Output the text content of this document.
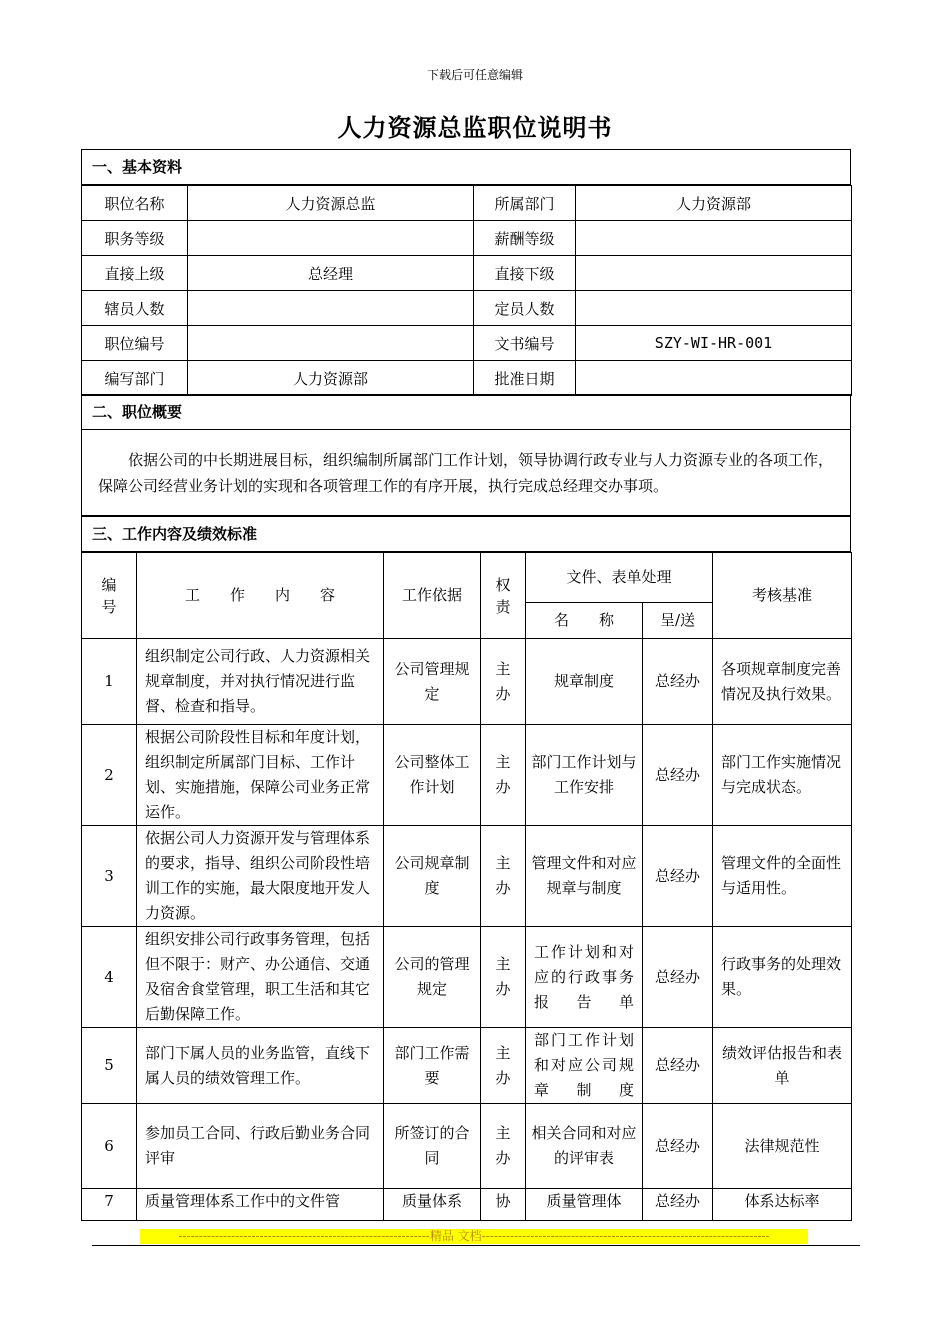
下载后可任意编辑
人力资源总监职位说明书
一、基本资料
职位名称	人力资源总监	所属部门	人力资源部
职务等级		薪酬等级	
直接上级	总经理	直接下级	
辖员人数		定员人数	
职位编号		文书编号	SZY-WI-HR-001
编写部门	人力资源部	批准日期	
二、职位概要
依据公司的中长期进展目标，组织编制所属部门工作计划，领导协调行政专业与人力资源专业的各项工作，保障公司经营业务计划的实现和各项管理工作的有序开展，执行完成总经理交办事项。
三、工作内容及绩效标准
编号	工　　作　　内　　容	工作依据	权责	文件、表单处理		考核基准
				名　　称	呈/送	
1	组织制定公司行政、人力资源相关规章制度，并对执行情况进行监督、检查和指导。	公司管理规定	主办	规章制度	总经办	各项规章制度完善情况及执行效果。
2	根据公司阶段性目标和年度计划，组织制定所属部门目标、工作计划、实施措施，保障公司业务正常运作。	公司整体工作计划	主办	部门工作计划与工作安排	总经办	部门工作实施情况与完成状态。
3	依据公司人力资源开发与管理体系的要求，指导、组织公司阶段性培训工作的实施，最大限度地开发人力资源。	公司规章制度	主办	管理文件和对应规章与制度	总经办	管理文件的全面性与适用性。
4	组织安排公司行政事务管理，包括但不限于：财产、办公通信、交通及宿舍食堂管理，职工生活和其它后勤保障工作。	公司的管理规定	主办	工作计划和对应的行政事务报告单	总经办	行政事务的处理效果。
5	部门下属人员的业务监管，直线下属人员的绩效管理工作。	部门工作需要	主办	部门工作计划和对应公司规章制度	总经办	绩效评估报告和表单
6	参加员工合同、行政后勤业务合同评审	所签订的合同	主办	相关合同和对应的评审表	总经办	法律规范性
7	质量管理体系工作中的文件管	质量体系	协	质量管理体	总经办	体系达标率
--------------------------------------------------------------精品 文档-----------------------------------------------------------------------
